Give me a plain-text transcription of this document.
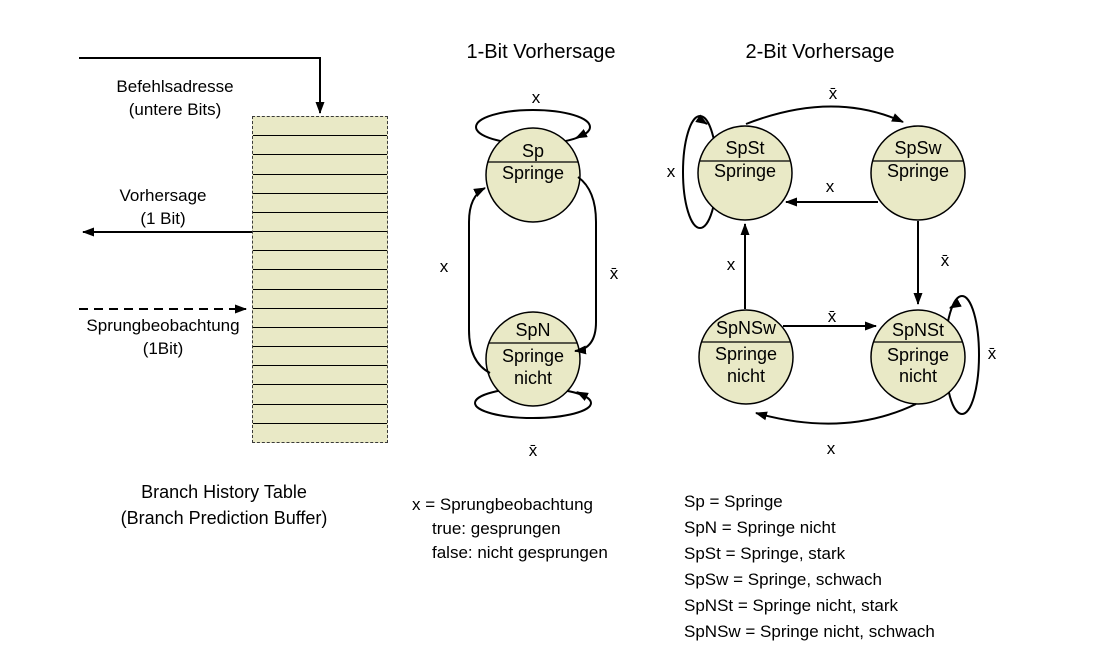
Befehlsadresse
(untere Bits)
Vorhersage
(1 Bit)
Sprungbeobachtung
(1Bit)
Branch History Table
(Branch Prediction Buffer)
1-Bit Vorhersage	2-Bit Vorhersage
Sp
Springe
SpN
Springe
nicht
x
x̄
x
x̄
SpSt
Springe
SpSw
Springe
SpNSw
Springe
nicht
SpNSt
Springe
nicht
x
x̄
x
x	x̄
x̄
x
x̄
x = Sprungbeobachtung
true: gesprungen
false: nicht gesprungen
Sp = Springe
SpN = Springe nicht
SpSt = Springe, stark
SpSw = Springe, schwach
SpNSt = Springe nicht, stark
SpNSw = Springe nicht, schwach
